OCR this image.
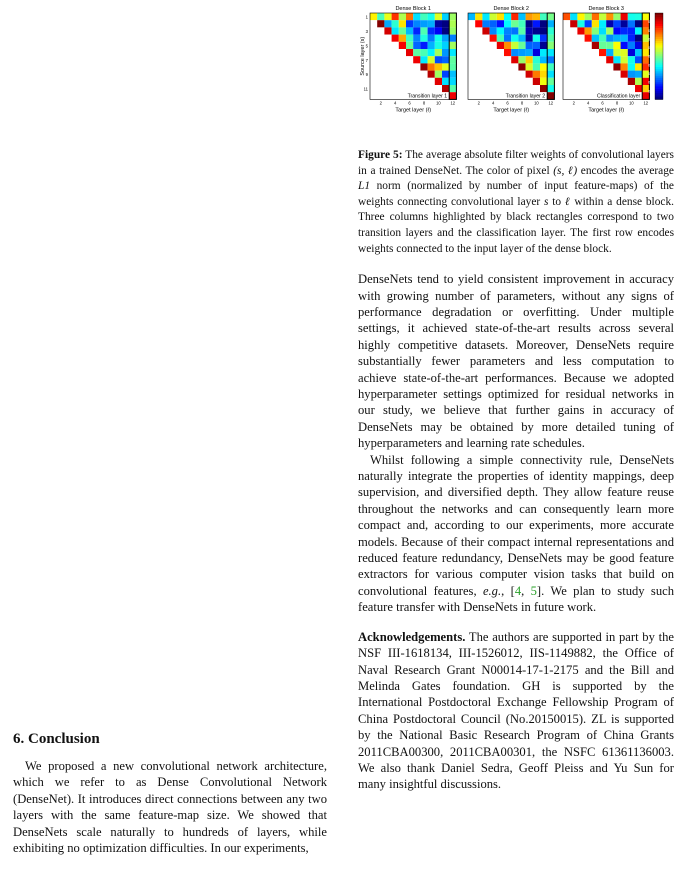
Source layer (s)
Dense Block 1
Transition layer 1
2	4	6	8	10 12
Target layer (ℓ)
1
3
5
7
9
11
Dense Block 2
Transition layer 2
2	4	6	8	10 12
Target layer (ℓ)
Dense Block 3
Classification layer
2	4	6	8	10 12
Target layer (ℓ)
1
0.9
0.8
0.7
0.6
0.5
0.4
0.3
0.2
0.1
0
Figure 5: The average absolute filter weights of convolutional layers in a trained DenseNet. The color of pixel (s, ℓ) encodes the average L1 norm (normalized by number of input feature-maps) of the weights connecting convolutional layer s to ℓ within a dense block. Three columns highlighted by black rectangles correspond to two transition layers and the classification layer. The first row encodes weights connected to the input layer of the dense block.

DenseNets tend to yield consistent improvement in accuracy with growing number of parameters, without any signs of performance degradation or overfitting. Under multiple settings, it achieved state-of-the-art results across several highly competitive datasets. Moreover, DenseNets require substantially fewer parameters and less computation to achieve state-of-the-art performances. Because we adopted hyperparameter settings optimized for residual networks in our study, we believe that further gains in accuracy of DenseNets may be obtained by more detailed tuning of hyperparameters and learning rate schedules.

Whilst following a simple connectivity rule, DenseNets naturally integrate the properties of identity mappings, deep supervision, and diversified depth. They allow feature reuse throughout the networks and can consequently learn more compact and, according to our experiments, more accurate models. Because of their compact internal representations and reduced feature redundancy, DenseNets may be good feature extractors for various computer vision tasks that build on convolutional features, e.g., [4, 5]. We plan to study such feature transfer with DenseNets in future work.

Acknowledgements. The authors are supported in part by the NSF III-1618134, III-1526012, IIS-1149882, the Office of Naval Research Grant N00014-17-1-2175 and the Bill and Melinda Gates foundation. GH is supported by the International Postdoctoral Exchange Fellowship Program of China Postdoctoral Council (No.20150015). ZL is supported by the National Basic Research Program of China Grants 2011CBA00300, 2011CBA00301, the NSFC 61361136003. We also thank Daniel Sedra, Geoff Pleiss and Yu Sun for many insightful discussions.

6. Conclusion

We proposed a new convolutional network architecture, which we refer to as Dense Convolutional Network (DenseNet). It introduces direct connections between any two layers with the same feature-map size. We showed that DenseNets scale naturally to hundreds of layers, while exhibiting no optimization difficulties. In our experiments,
